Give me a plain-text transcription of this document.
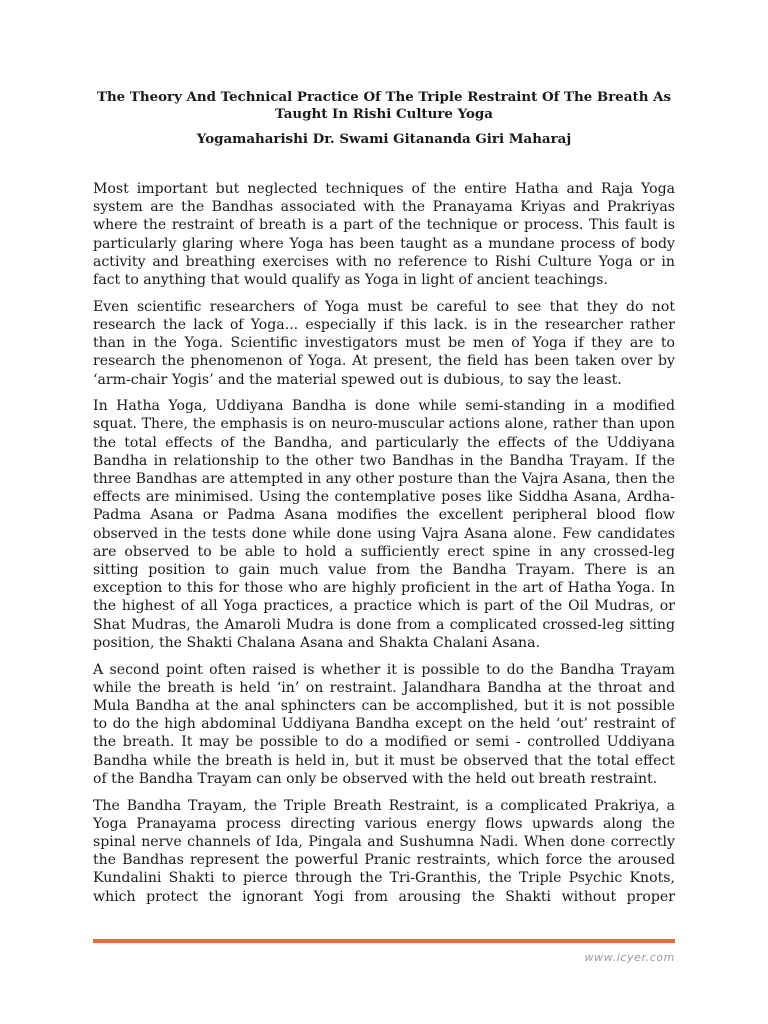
The Theory And Technical Practice Of The Triple Restraint Of The Breath As Taught In Rishi Culture Yoga
Yogamaharishi Dr. Swami Gitananda Giri Maharaj

Most important but neglected techniques of the entire Hatha and Raja Yoga system are the Bandhas associated with the Pranayama Kriyas and Prakriyas where the restraint of breath is a part of the technique or process. This fault is particularly glaring where Yoga has been taught as a mundane process of body activity and breathing exercises with no reference to Rishi Culture Yoga or in fact to anything that would qualify as Yoga in light of ancient teachings.

Even scientific researchers of Yoga must be careful to see that they do not research the lack of Yoga... especially if this lack. is in the researcher rather than in the Yoga. Scientific investigators must be men of Yoga if they are to research the phenomenon of Yoga. At present, the field has been taken over by ‘arm-chair Yogis’ and the material spewed out is dubious, to say the least.

In Hatha Yoga, Uddiyana Bandha is done while semi-standing in a modified squat. There, the emphasis is on neuro-muscular actions alone, rather than upon the total effects of the Bandha, and particularly the effects of the Uddiyana Bandha in relationship to the other two Bandhas in the Bandha Trayam. If the three Bandhas are attempted in any other posture than the Vajra Asana, then the effects are minimised. Using the contemplative poses like Siddha Asana, Ardha-Padma Asana or Padma Asana modifies the excellent peripheral blood flow observed in the tests done while done using Vajra Asana alone. Few candidates are observed to be able to hold a sufficiently erect spine in any crossed-leg sitting position to gain much value from the Bandha Trayam. There is an exception to this for those who are highly proficient in the art of Hatha Yoga. In the highest of all Yoga practices, a practice which is part of the Oil Mudras, or Shat Mudras, the Amaroli Mudra is done from a complicated crossed-leg sitting position, the Shakti Chalana Asana and Shakta Chalani Asana.

A second point often raised is whether it is possible to do the Bandha Trayam while the breath is held ‘in’ on restraint. Jalandhara Bandha at the throat and Mula Bandha at the anal sphincters can be accomplished, but it is not possible to do the high abdominal Uddiyana Bandha except on the held ‘out’ restraint of the breath. It may be possible to do a modified or semi - controlled Uddiyana Bandha while the breath is held in, but it must be observed that the total effect of the Bandha Trayam can only be observed with the held out breath restraint.

The Bandha Trayam, the Triple Breath Restraint, is a complicated Prakriya, a Yoga Pranayama process directing various energy flows upwards along the spinal nerve channels of Ida, Pingala and Sushumna Nadi. When done correctly the Bandhas represent the powerful Pranic restraints, which force the aroused Kundalini Shakti to pierce through the Tri-Granthis, the Triple Psychic Knots, which protect the ignorant Yogi from arousing the Shakti without proper

www.icyer.com
